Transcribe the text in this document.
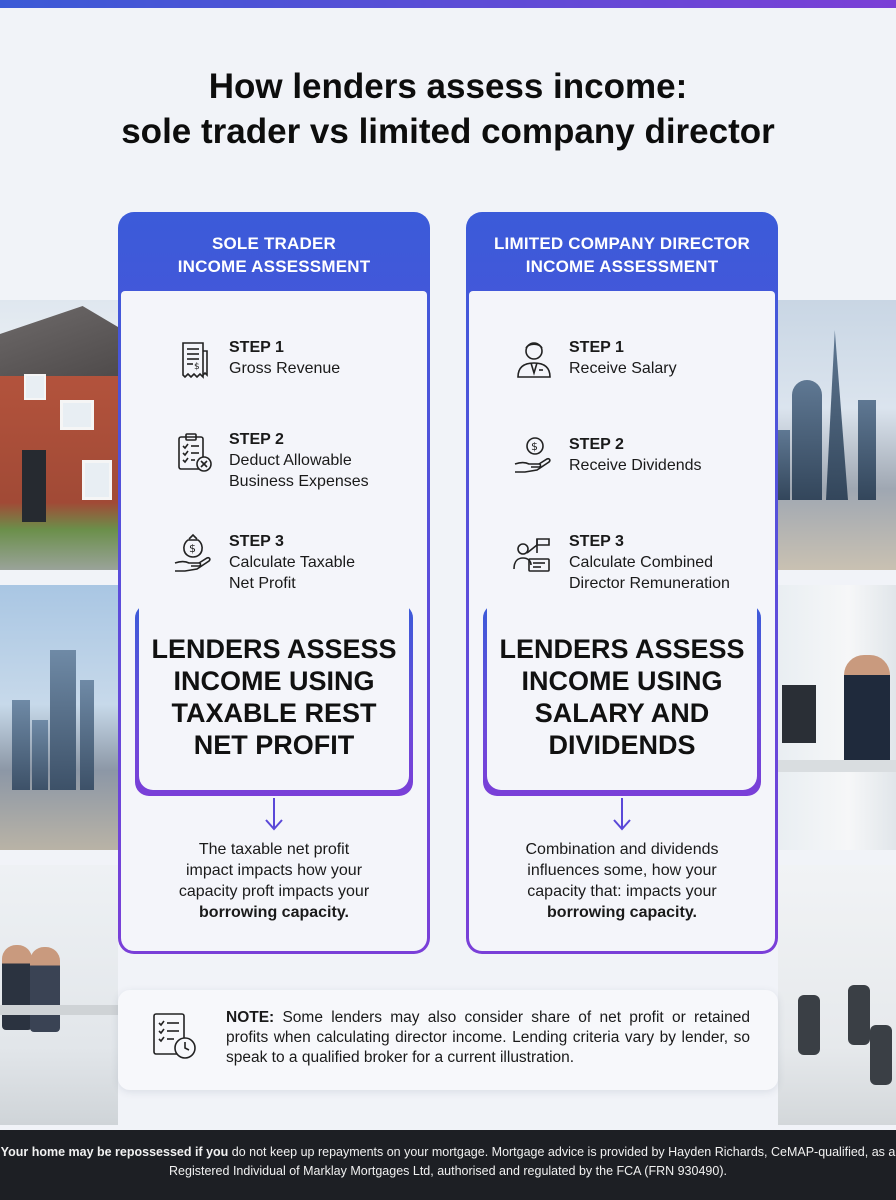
How lenders assess income:
sole trader vs limited company director
SOLE TRADER
INCOME ASSESSMENT
$
STEP 1
Gross Revenue
STEP 2
Deduct Allowable
Business Expenses
$ STEP 3
Calculate Taxable
Net Profit
LENDERS ASSESS
INCOME USING
TAXABLE REST
NET PROFIT
The taxable net profit
impact impacts how your
capacity proft impacts your
borrowing capacity.
LIMITED COMPANY DIRECTOR
INCOME ASSESSMENT
STEP 1
Receive Salary
$ STEP 2
Receive Dividends
STEP 3
Calculate Combined
Director Remuneration
LENDERS ASSESS
INCOME USING
SALARY AND
DIVIDENDS
Combination and dividends
influences some, how your
capacity that: impacts your
borrowing capacity.
NOTE: Some lenders may also consider share of net profit or retained profits when calculating director income. Lending criteria vary by lender, so speak to a qualified broker for a current illustration.
Your home may be repossessed if you do not keep up repayments on your mortgage. Mortgage advice is provided by Hayden Richards, CeMAP-qualified, as a Registered Individual of Marklay Mortgages Ltd, authorised and regulated by the FCA (FRN 930490).
